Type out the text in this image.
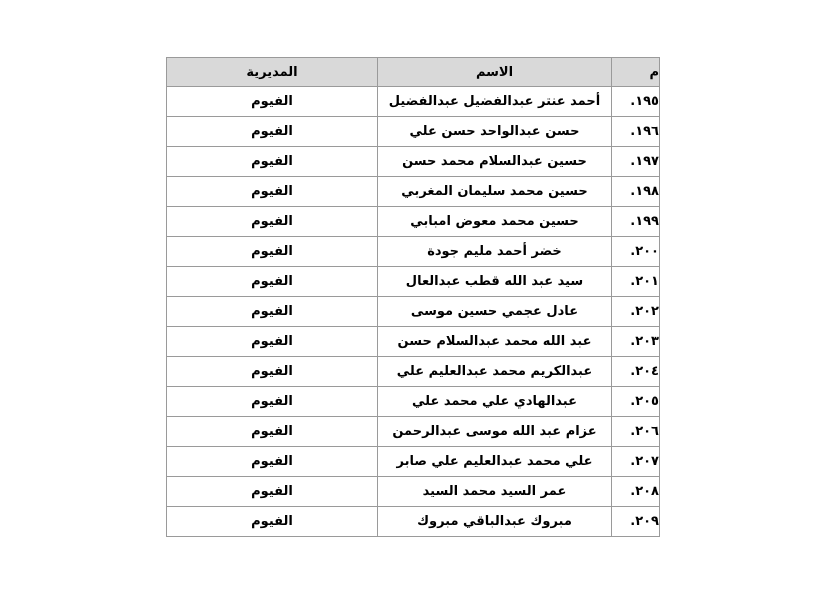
م	الاسم	المديرية
١٩٥.	أحمد عنتر عبدالفضيل عبدالفضيل	الفيوم
١٩٦.	حسن عبدالواحد حسن علي	الفيوم
١٩٧.	حسين عبدالسلام محمد حسن	الفيوم
١٩٨.	حسين محمد سليمان المغربي	الفيوم
١٩٩.	حسين محمد معوض امبابي	الفيوم
٢٠٠.	خضر أحمد مليم جودة	الفيوم
٢٠١.	سيد عبد الله قطب عبدالعال	الفيوم
٢٠٢.	عادل عجمي حسين موسى	الفيوم
٢٠٣.	عبد الله محمد عبدالسلام حسن	الفيوم
٢٠٤.	عبدالكريم محمد عبدالعليم علي	الفيوم
٢٠٥.	عبدالهادي علي محمد علي	الفيوم
٢٠٦.	عزام عبد الله موسى عبدالرحمن	الفيوم
٢٠٧.	علي محمد عبدالعليم علي صابر	الفيوم
٢٠٨.	عمر السيد محمد السيد	الفيوم
٢٠٩.	مبروك عبدالباقي مبروك	الفيوم
